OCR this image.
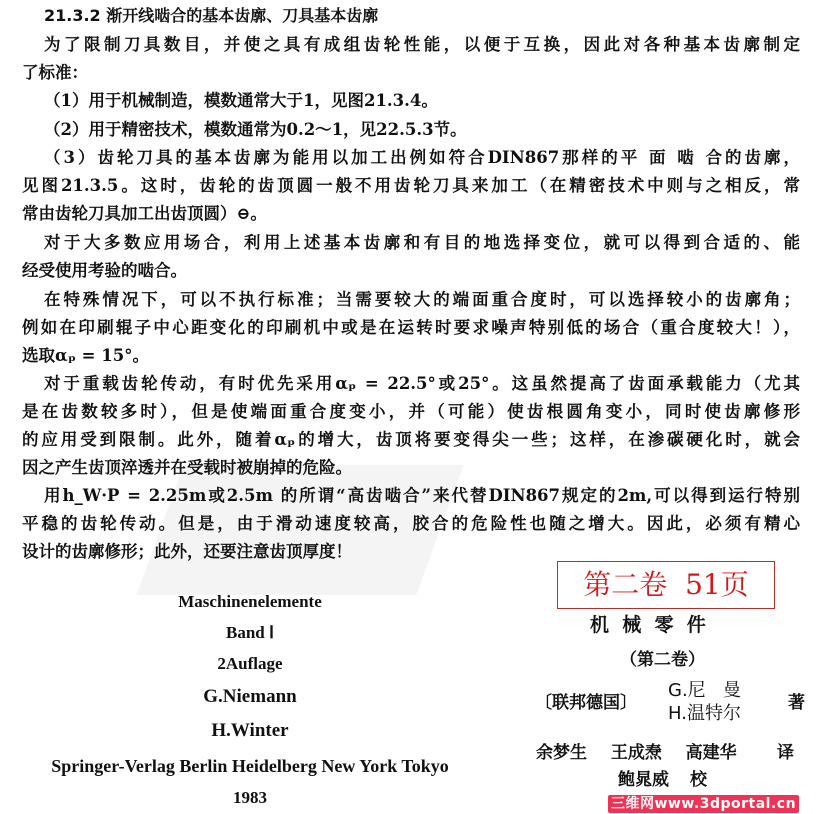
21.3.2 渐开线啮合的基本齿廓、刀具基本齿廓
为了限制刀具数目，并使之具有成组齿轮性能，以便于互换，因此对各种基本齿廓制定
了标准：
（1）用于机械制造，模数通常大于1，见图21.3.4。
（2）用于精密技术，模数通常为0.2～1，见22.5.3节。
（3）齿轮刀具的基本齿廓为能用以加工出例如符合DIN867那样的平 面 啮 合的齿廓，
见图21.3.5。这时，齿轮的齿顶圆一般不用齿轮刀具来加工（在精密技术中则与之相反，常
常由齿轮刀具加工出齿顶圆）⊖。
对于大多数应用场合，利用上述基本齿廓和有目的地选择变位，就可以得到合适的、能
经受使用考验的啮合。
在特殊情况下，可以不执行标准；当需要较大的端面重合度时，可以选择较小的齿廓角；
例如在印刷辊子中心距变化的印刷机中或是在运转时要求噪声特别低的场合（重合度较大！），
选取αₚ = 15°。
对于重载齿轮传动，有时优先采用αₚ = 22.5°或25°。这虽然提高了齿面承载能力（尤其
是在齿数较多时），但是使端面重合度变小，并（可能）使齿根圆角变小，同时使齿廓修形
的应用受到限制。此外，随着αₚ的增大，齿顶将要变得尖一些；这样，在渗碳硬化时，就会
因之产生齿顶淬透并在受载时被崩掉的危险。
用h_W·P = 2.25m或2.5m 的所谓“高齿啮合”来代替DIN867规定的2m,可以得到运行特别
平稳的齿轮传动。但是，由于滑动速度较高，胶合的危险性也随之增大。因此，必须有精心
设计的齿廓修形；此外，还要注意齿顶厚度！
Maschinenelemente
Band Ⅰ
2Auflage
G.Niemann
H.Winter
Springer-Verlag Berlin Heidelberg New York Tokyo
1983
第二卷  51页
机  械  零  件
（第二卷）
〔联邦德国〕
G.尼   曼
H.温特尔	著
余梦生  王成焘  高建华 译
鲍晁威 校
三维网www.3dportal.cn
